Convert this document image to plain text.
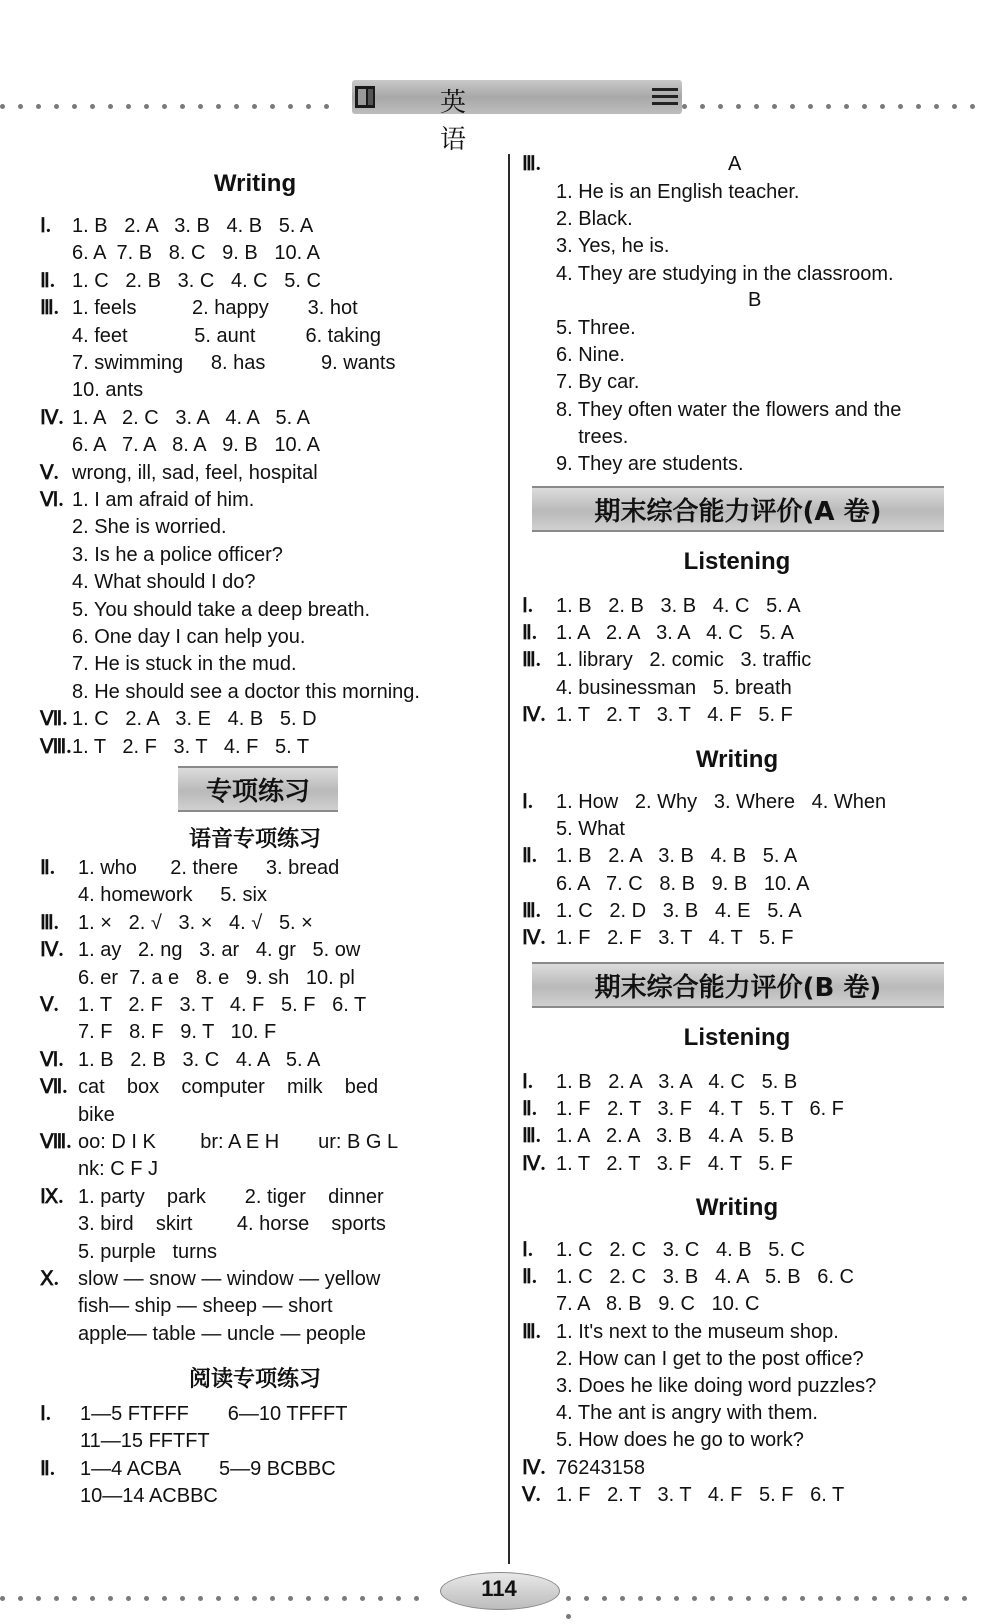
英 语
Writing
Ⅰ. 1. B   2. A   3. B   4. B   5. A
6. A  7. B   8. C   9. B   10. A
Ⅱ. 1. C   2. B   3. C   4. C   5. C
Ⅲ. 1. feels          2. happy       3. hot
4. feet            5. aunt         6. taking
7. swimming     8. has          9. wants
10. ants
Ⅳ. 1. A   2. C   3. A   4. A   5. A
6. A   7. A   8. A   9. B   10. A
Ⅴ. wrong, ill, sad, feel, hospital
Ⅵ. 1. I am afraid of him.
2. She is worried.
3. Is he a police officer?
4. What should I do?
5. You should take a deep breath.
6. One day I can help you.
7. He is stuck in the mud.
8. He should see a doctor this morning.
Ⅶ. 1. C   2. A   3. E   4. B   5. D
Ⅷ. 1. T   2. F   3. T   4. F   5. T
专项练习
语音专项练习
Ⅱ. 1. who      2. there     3. bread
4. homework     5. six
Ⅲ. 1. ×   2. √   3. ×   4. √   5. ×
Ⅳ. 1. ay   2. ng   3. ar   4. gr   5. ow
6. er  7. a e   8. e   9. sh   10. pl
Ⅴ. 1. T   2. F   3. T   4. F   5. F   6. T
7. F   8. F   9. T   10. F
Ⅵ. 1. B   2. B   3. C   4. A   5. A
Ⅶ. cat    box    computer    milk    bed
bike
Ⅷ. oo: D I K        br: A E H       ur: B G L
nk: C F J
Ⅸ. 1. party    park       2. tiger    dinner
3. bird    skirt        4. horse    sports
5. purple   turns
Ⅹ. slow — snow — window — yellow
fish— ship — sheep — short
apple— table — uncle — people
阅读专项练习
Ⅰ. 1—5 FTFFF       6—10 TFFFT
11—15 FFTFT
Ⅱ. 1—4 ACBA       5—9 BCBBC
10—14 ACBBC
Ⅲ.	A
1. He is an English teacher.
2. Black.
3. Yes, he is.
4. They are studying in the classroom.
B
5. Three.
6. Nine.
7. By car.
8. They often water the flowers and the
trees.
9. They are students.
期末综合能力评价(A 卷)
Listening
Ⅰ. 1. B   2. B   3. B   4. C   5. A
Ⅱ. 1. A   2. A   3. A   4. C   5. A
Ⅲ. 1. library   2. comic   3. traffic
4. businessman   5. breath
Ⅳ. 1. T   2. T   3. T   4. F   5. F
Writing
Ⅰ. 1. How   2. Why   3. Where   4. When
5. What
Ⅱ. 1. B   2. A   3. B   4. B   5. A
6. A   7. C   8. B   9. B   10. A
Ⅲ. 1. C   2. D   3. B   4. E   5. A
Ⅳ. 1. F   2. F   3. T   4. T   5. F
期末综合能力评价(B 卷)
Listening
Ⅰ. 1. B   2. A   3. A   4. C   5. B
Ⅱ. 1. F   2. T   3. F   4. T   5. T   6. F
Ⅲ. 1. A   2. A   3. B   4. A   5. B
Ⅳ. 1. T   2. T   3. F   4. T   5. F
Writing
Ⅰ. 1. C   2. C   3. C   4. B   5. C
Ⅱ. 1. C   2. C   3. B   4. A   5. B   6. C
7. A   8. B   9. C   10. C
Ⅲ. 1. It's next to the museum shop.
2. How can I get to the post office?
3. Does he like doing word puzzles?
4. The ant is angry with them.
5. How does he go to work?
Ⅳ. 76243158
Ⅴ. 1. F   2. T   3. T   4. F   5. F   6. T
114
